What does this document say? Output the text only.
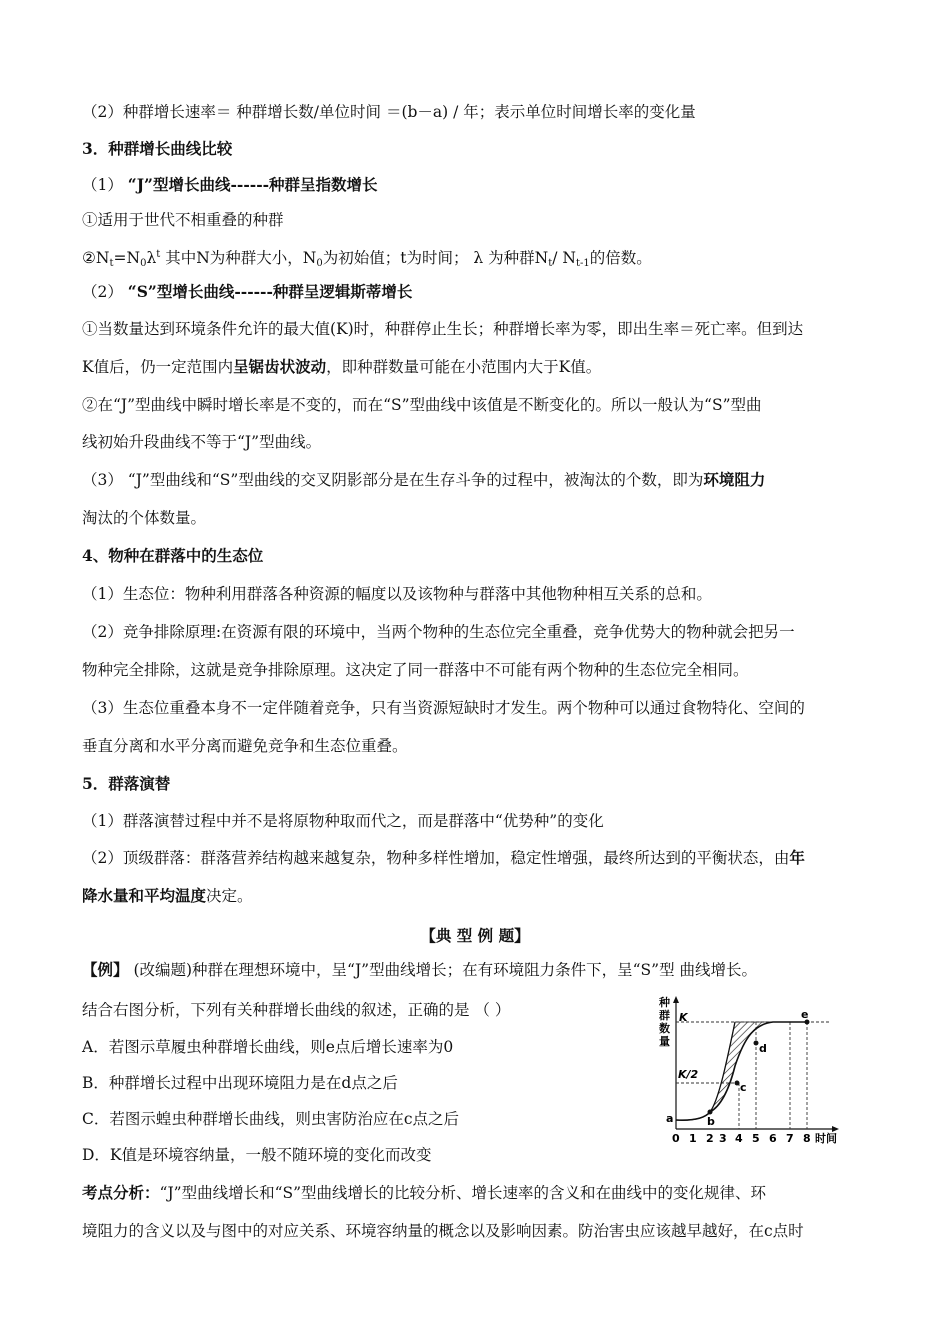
（2）种群增长速率＝ 种群增长数/单位时间 ＝(b－a) / 年；表示单位时间增长率的变化量
3．种群增长曲线比较
（1） “J”型增长曲线------种群呈指数增长
①适用于世代不相重叠的种群
$②N_t=N_0\lambda^t$ 其中N为种群大小，$N_0$为初始值；t为时间； λ 为种群$N_t/$ $N_{t-1}$的倍数。
（2） “S”型增长曲线------种群呈逻辑斯蒂增长
①当数量达到环境条件允许的最大值(K)时，种群停止生长；种群增长率为零，即出生率＝死亡率。但到达
K值后，仍一定范围内呈锯齿状波动，即种群数量可能在小范围内大于K值。
②在“J”型曲线中瞬时增长率是不变的，而在“S”型曲线中该值是不断变化的。所以一般认为“S”型曲
线初始升段曲线不等于“J”型曲线。
（3） “J”型曲线和“S”型曲线的交叉阴影部分是在生存斗争的过程中，被淘汰的个数，即为环境阻力
淘汰的个体数量。
4、物种在群落中的生态位
（1）生态位：物种利用群落各种资源的幅度以及该物种与群落中其他物种相互关系的总和。
（2）竞争排除原理:在资源有限的环境中，当两个物种的生态位完全重叠，竞争优势大的物种就会把另一
物种完全排除，这就是竞争排除原理。这决定了同一群落中不可能有两个物种的生态位完全相同。
（3）生态位重叠本身不一定伴随着竞争，只有当资源短缺时才发生。两个物种可以通过食物特化、空间的
垂直分离和水平分离而避免竞争和生态位重叠。
5．群落演替
（1）群落演替过程中并不是将原物种取而代之，而是群落中“优势种”的变化
（2）顶级群落：群落营养结构越来越复杂，物种多样性增加，稳定性增强，最终所达到的平衡状态，由年
降水量和平均温度决定。
【例】 (改编题)种群在理想环境中，呈“J”型曲线增长；在有环境阻力条件下，呈“S”型 曲线增长。
结合右图分析，下列有关种群增长曲线的叙述，正确的是 （ ）
A．若图示草履虫种群增长曲线，则e点后增长速率为0
B．种群增长过程中出现环境阻力是在d点之后
C．若图示蝗虫种群增长曲线，则虫害防治应在c点之后
D．K值是环境容纳量，一般不随环境的变化而改变
考点分析：“J”型曲线增长和“S”型曲线增长的比较分析、增长速率的含义和在曲线中的变化规律、环
境阻力的含义以及与图中的对应关系、环境容纳量的概念以及影响因素。防治害虫应该越早越好，在c点时
【典 型 例 题】
种
群
数
量
K
K/2
a	b
c
d
e
0 1 2 3 4 5 6 7 8 时间
